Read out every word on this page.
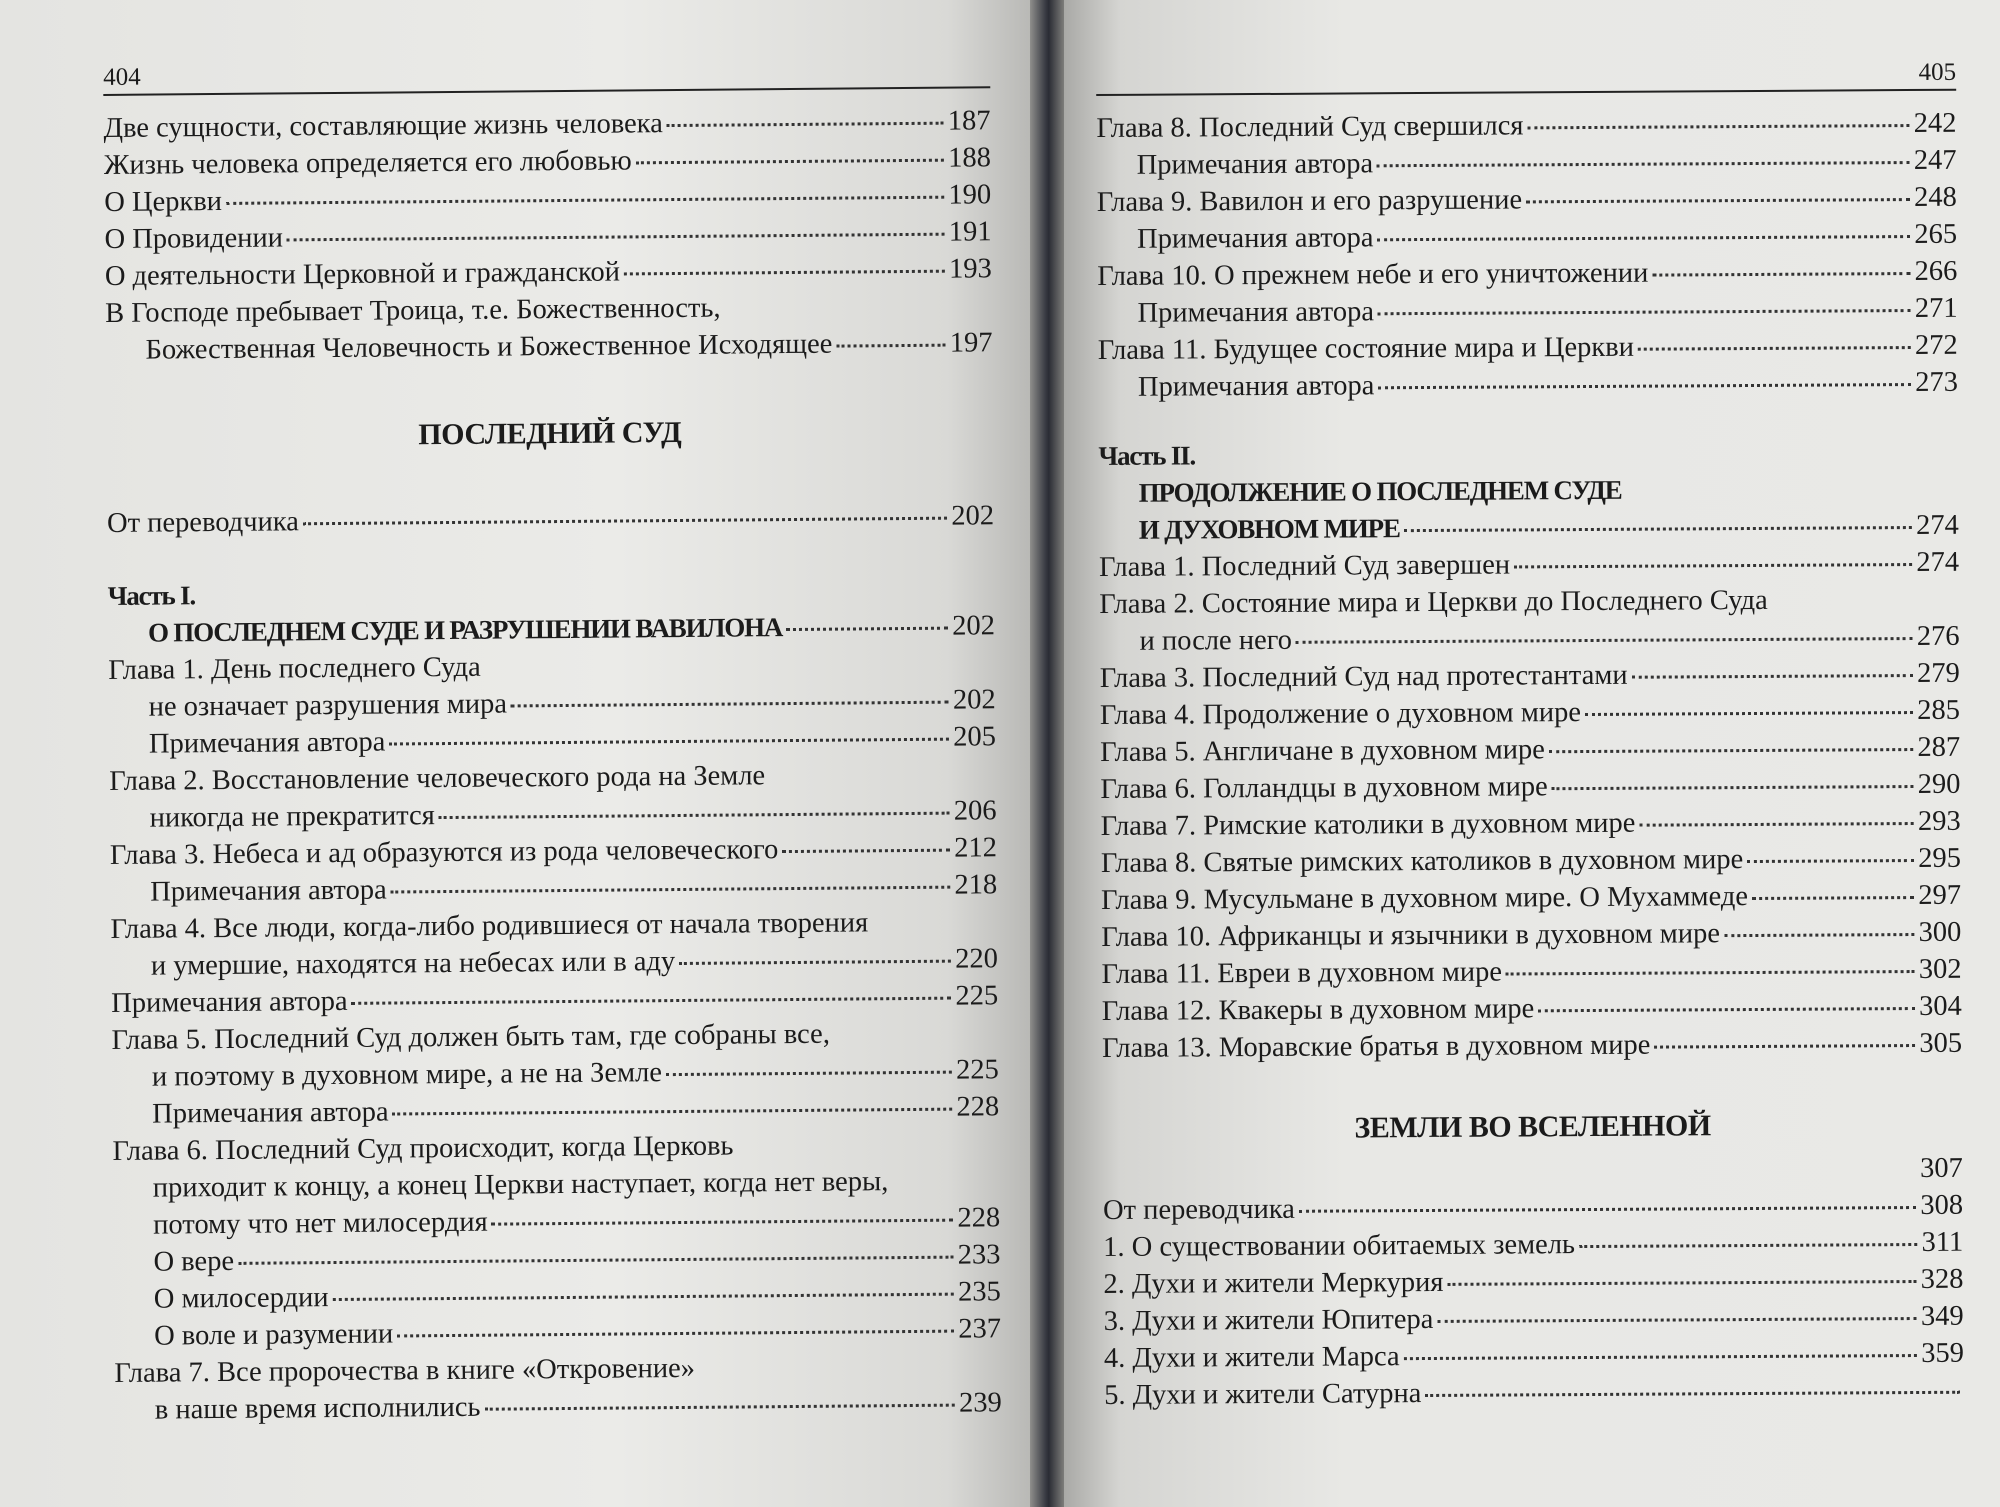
404
Две сущности, составляющие жизнь человека	187
Жизнь человека определяется его любовью	188
О Церкви	190
О Провидении	191
О деятельности Церковной и гражданской	193
В Господе пребывает Троица, т.е. Божественность,
Божественная Человечность и Божественное Исходящее	197
ПОСЛЕДНИЙ СУД
От переводчика	202
Часть I.
О ПОСЛЕДНЕМ СУДЕ И РАЗРУШЕНИИ ВАВИЛОНА	202
Глава 1. День последнего Суда
не означает разрушения мира	202
Примечания автора	205
Глава 2. Восстановление человеческого рода на Земле
никогда не прекратится	206
Глава 3. Небеса и ад образуются из рода человеческого	212
Примечания автора	218
Глава 4. Все люди, когда-либо родившиеся от начала творения
и умершие, находятся на небесах или в аду	220
Примечания автора	225
Глава 5. Последний Суд должен быть там, где собраны все,
и поэтому в духовном мире, а не на Земле	225
Примечания автора	228
Глава 6. Последний Суд происходит, когда Церковь
приходит к концу, а конец Церкви наступает, когда нет веры,
потому что нет милосердия	228
О вере	233
О милосердии	235
О воле и разумении	237
Глава 7. Все пророчества в книге «Откровение»
в наше время исполнились	239
405
Глава 8. Последний Суд свершился	242
Примечания автора	247
Глава 9. Вавилон и его разрушение	248
Примечания автора	265
Глава 10. О прежнем небе и его уничтожении	266
Примечания автора	271
Глава 11. Будущее состояние мира и Церкви	272
Примечания автора	273
Часть II.
ПРОДОЛЖЕНИЕ О ПОСЛЕДНЕМ СУДЕ
И ДУХОВНОМ МИРЕ	274
Глава 1. Последний Суд завершен	274
Глава 2. Состояние мира и Церкви до Последнего Суда
и после него	276
Глава 3. Последний Суд над протестантами	279
Глава 4. Продолжение о духовном мире	285
Глава 5. Англичане в духовном мире	287
Глава 6. Голландцы в духовном мире	290
Глава 7. Римские католики в духовном мире	293
Глава 8. Святые римских католиков в духовном мире	295
Глава 9. Мусульмане в духовном мире. О Мухаммеде	297
Глава 10. Африканцы и язычники в духовном мире	300
Глава 11. Евреи в духовном мире	302
Глава 12. Квакеры в духовном мире	304
Глава 13. Моравские братья в духовном мире	305
ЗЕМЛИ ВО ВСЕЛЕННОЙ
307
От переводчика	308
1. О существовании обитаемых земель	311
2. Духи и жители Меркурия	328
3. Духи и жители Юпитера	349
4. Духи и жители Марса	359
5. Духи и жители Сатурна
